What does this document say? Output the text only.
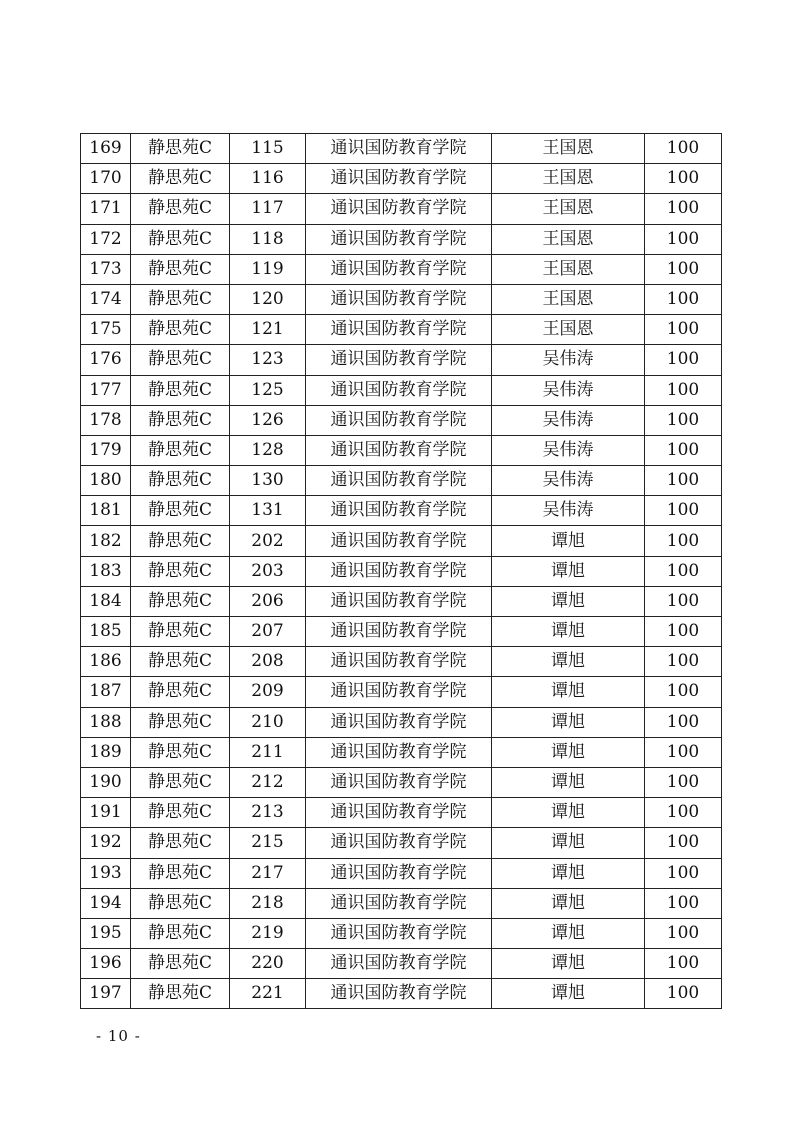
169	静思苑C	115	通识国防教育学院	王国恩	100
170	静思苑C	116	通识国防教育学院	王国恩	100
171	静思苑C	117	通识国防教育学院	王国恩	100
172	静思苑C	118	通识国防教育学院	王国恩	100
173	静思苑C	119	通识国防教育学院	王国恩	100
174	静思苑C	120	通识国防教育学院	王国恩	100
175	静思苑C	121	通识国防教育学院	王国恩	100
176	静思苑C	123	通识国防教育学院	吴伟涛	100
177	静思苑C	125	通识国防教育学院	吴伟涛	100
178	静思苑C	126	通识国防教育学院	吴伟涛	100
179	静思苑C	128	通识国防教育学院	吴伟涛	100
180	静思苑C	130	通识国防教育学院	吴伟涛	100
181	静思苑C	131	通识国防教育学院	吴伟涛	100
182	静思苑C	202	通识国防教育学院	谭旭	100
183	静思苑C	203	通识国防教育学院	谭旭	100
184	静思苑C	206	通识国防教育学院	谭旭	100
185	静思苑C	207	通识国防教育学院	谭旭	100
186	静思苑C	208	通识国防教育学院	谭旭	100
187	静思苑C	209	通识国防教育学院	谭旭	100
188	静思苑C	210	通识国防教育学院	谭旭	100
189	静思苑C	211	通识国防教育学院	谭旭	100
190	静思苑C	212	通识国防教育学院	谭旭	100
191	静思苑C	213	通识国防教育学院	谭旭	100
192	静思苑C	215	通识国防教育学院	谭旭	100
193	静思苑C	217	通识国防教育学院	谭旭	100
194	静思苑C	218	通识国防教育学院	谭旭	100
195	静思苑C	219	通识国防教育学院	谭旭	100
196	静思苑C	220	通识国防教育学院	谭旭	100
197	静思苑C	221	通识国防教育学院	谭旭	100
- 10 -
